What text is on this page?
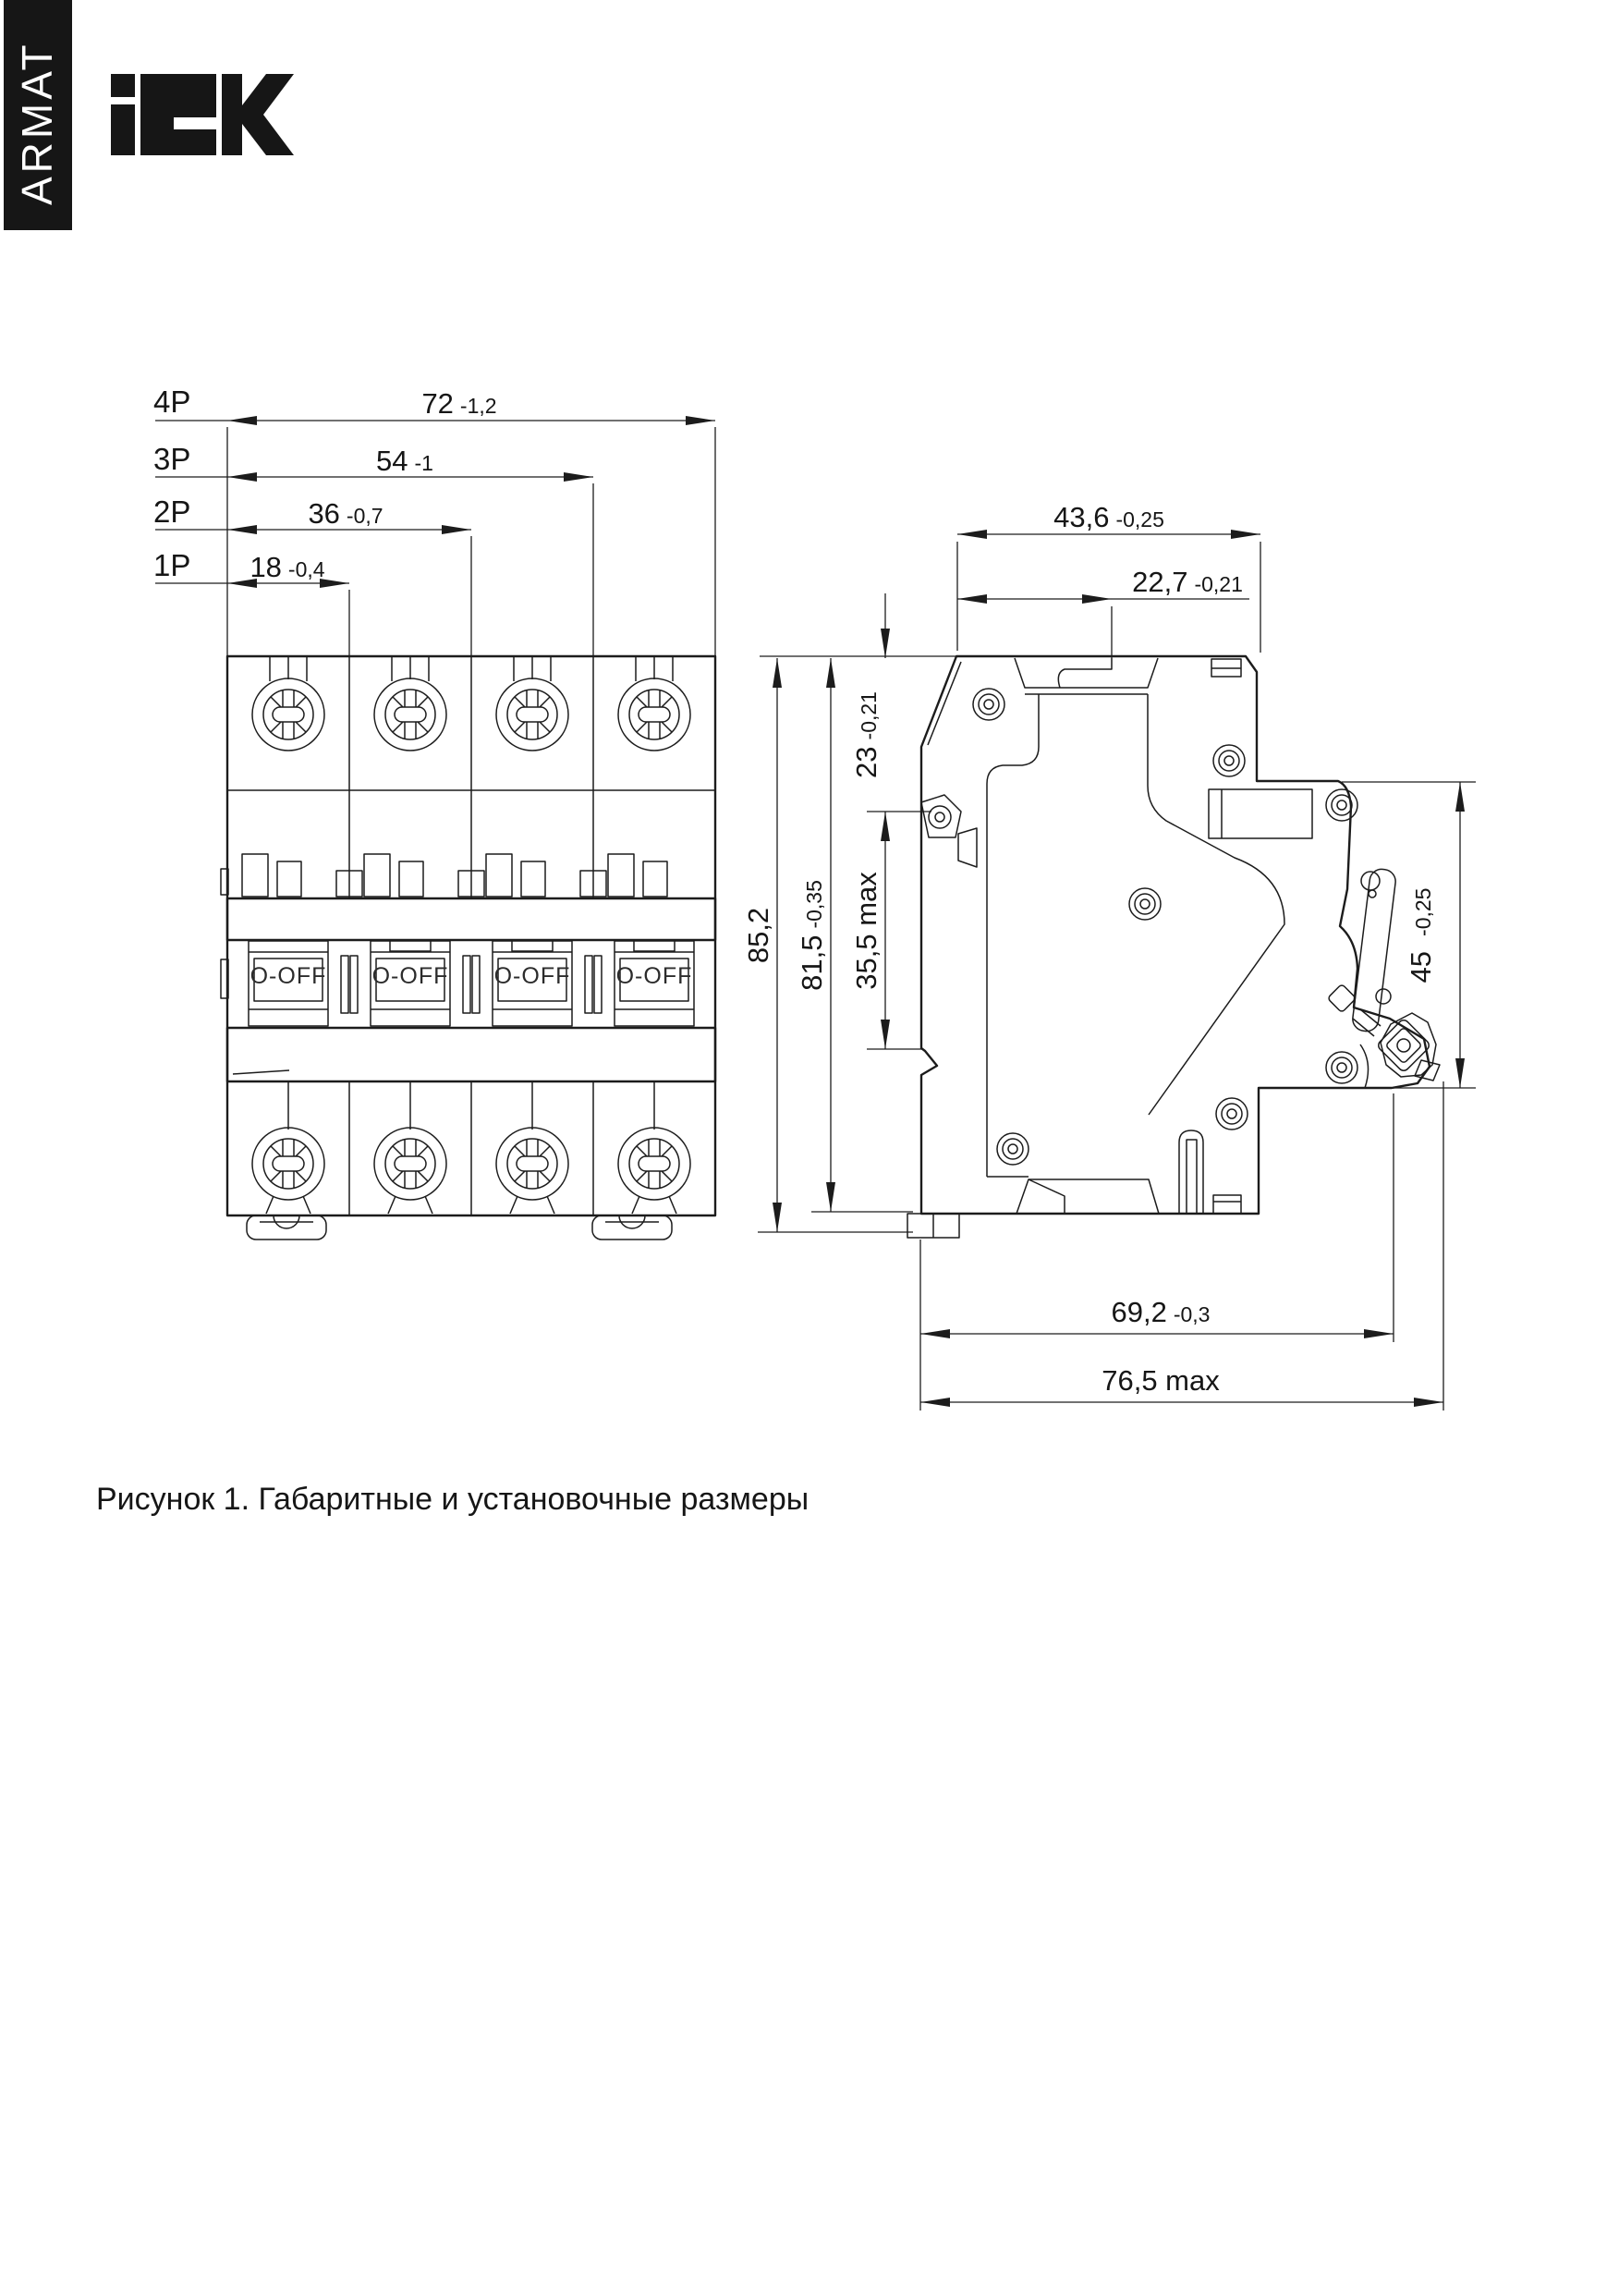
ARMAT
O-OFF O-OFF O-OFF O-OFF
4P	72 -1,2
3P	54 -1
2P	36 -0,7
1P 18 -0,4
43,6 -0,25
22,7 -0,21
23-0,21
35,5 max
81,5-0,35
85,2
45-0,25
69,2 -0,3
76,5 max
Рисунок 1. Габаритные и установочные размеры
